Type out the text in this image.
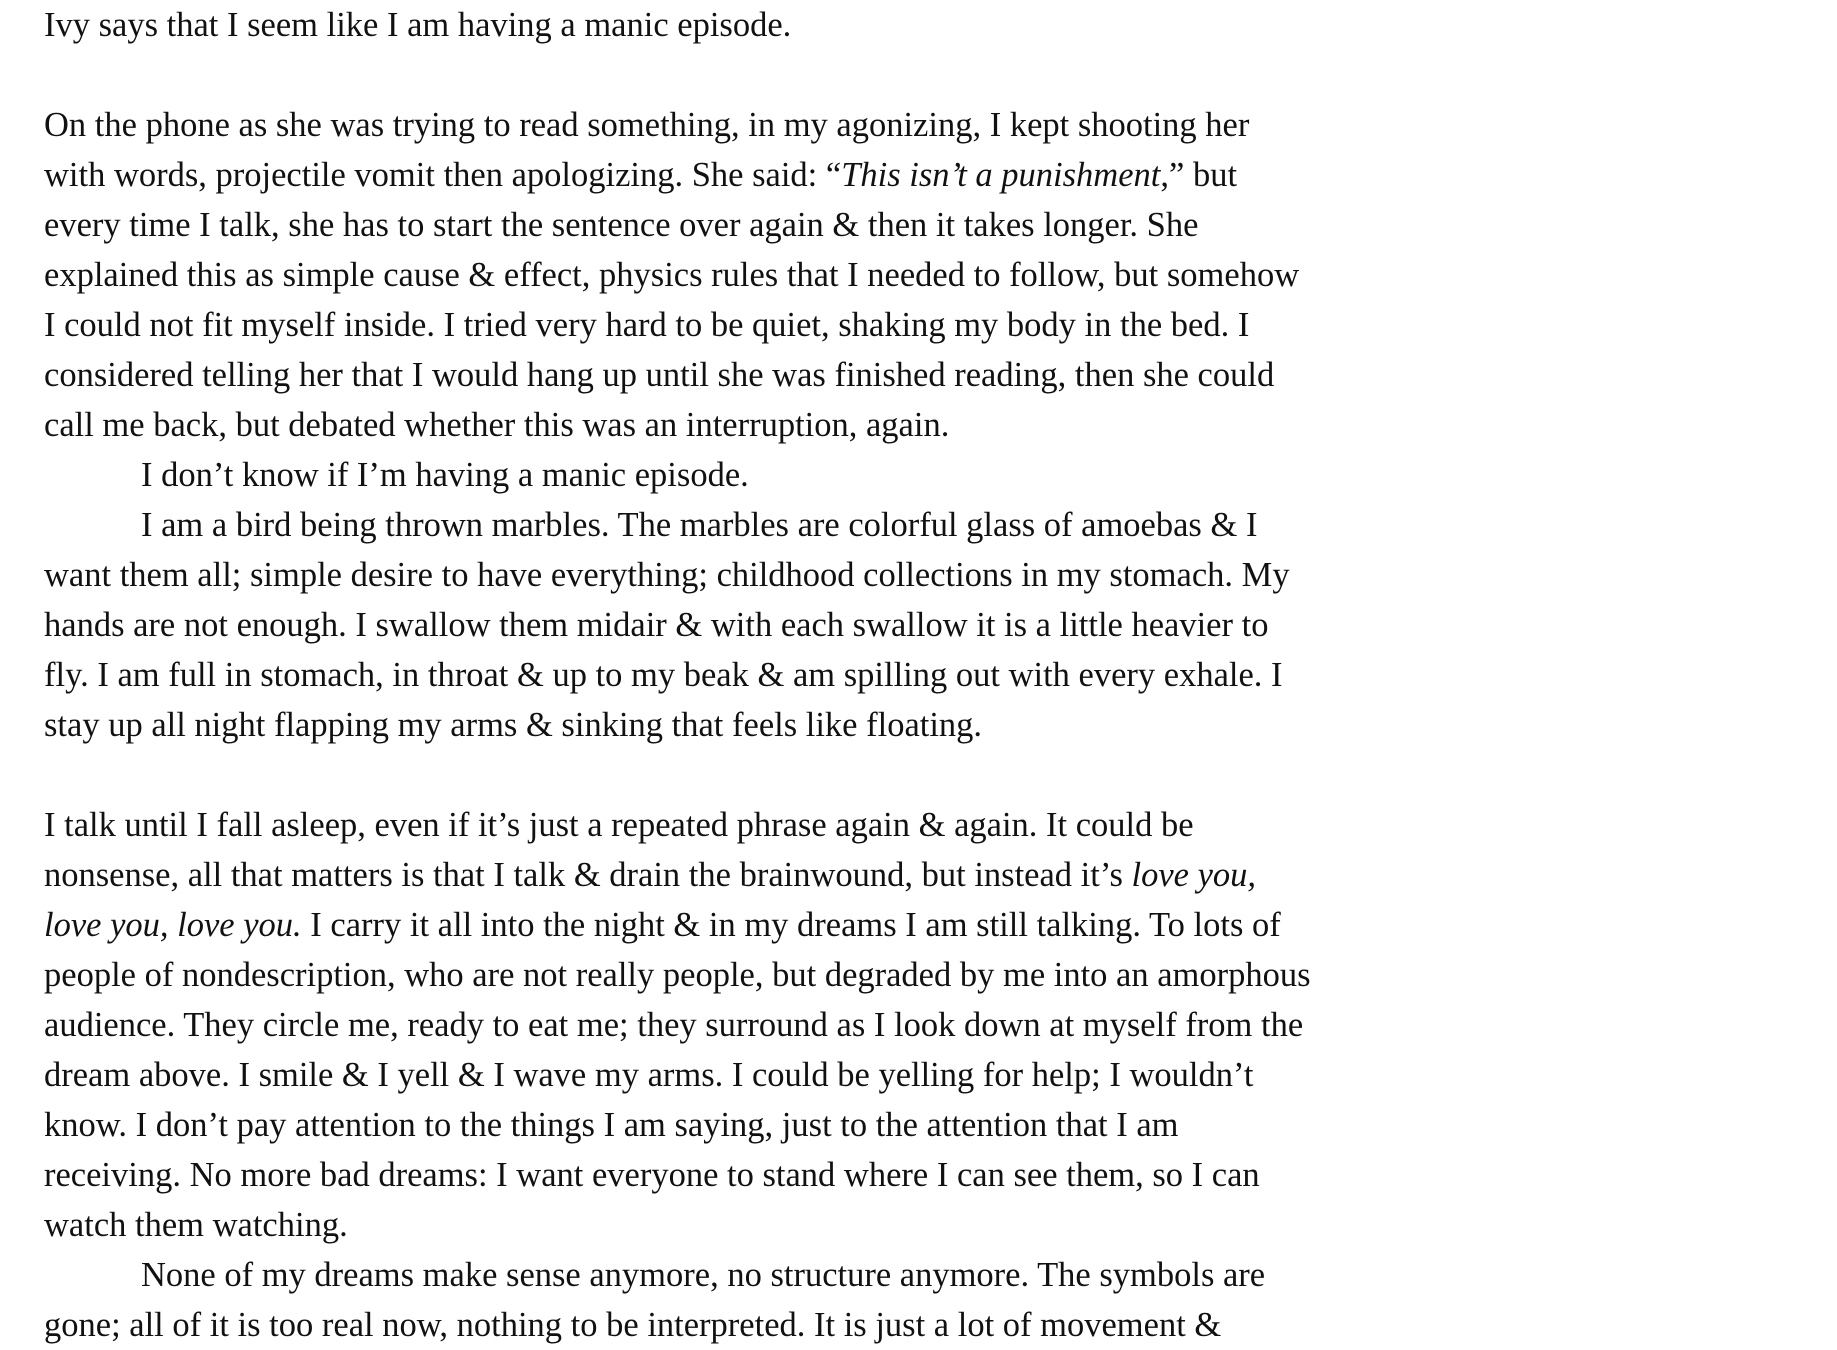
Ivy says that I seem like I am having a manic episode.
On the phone as she was trying to read something, in my agonizing, I kept shooting her
with words, projectile vomit then apologizing. She said: “This isn’t a punishment,” but
every time I talk, she has to start the sentence over again & then it takes longer. She
explained this as simple cause & effect, physics rules that I needed to follow, but somehow
I could not fit myself inside. I tried very hard to be quiet, shaking my body in the bed. I
considered telling her that I would hang up until she was finished reading, then she could
call me back, but debated whether this was an interruption, again.
I don’t know if I’m having a manic episode.
I am a bird being thrown marbles. The marbles are colorful glass of amoebas & I
want them all; simple desire to have everything; childhood collections in my stomach. My
hands are not enough. I swallow them midair & with each swallow it is a little heavier to
fly. I am full in stomach, in throat & up to my beak & am spilling out with every exhale. I
stay up all night flapping my arms & sinking that feels like floating.
I talk until I fall asleep, even if it’s just a repeated phrase again & again. It could be
nonsense, all that matters is that I talk & drain the brainwound, but instead it’s love you,
love you, love you. I carry it all into the night & in my dreams I am still talking. To lots of
people of nondescription, who are not really people, but degraded by me into an amorphous
audience. They circle me, ready to eat me; they surround as I look down at myself from the
dream above. I smile & I yell & I wave my arms. I could be yelling for help; I wouldn’t
know. I don’t pay attention to the things I am saying, just to the attention that I am
receiving. No more bad dreams: I want everyone to stand where I can see them, so I can
watch them watching.
None of my dreams make sense anymore, no structure anymore. The symbols are
gone; all of it is too real now, nothing to be interpreted. It is just a lot of movement &
